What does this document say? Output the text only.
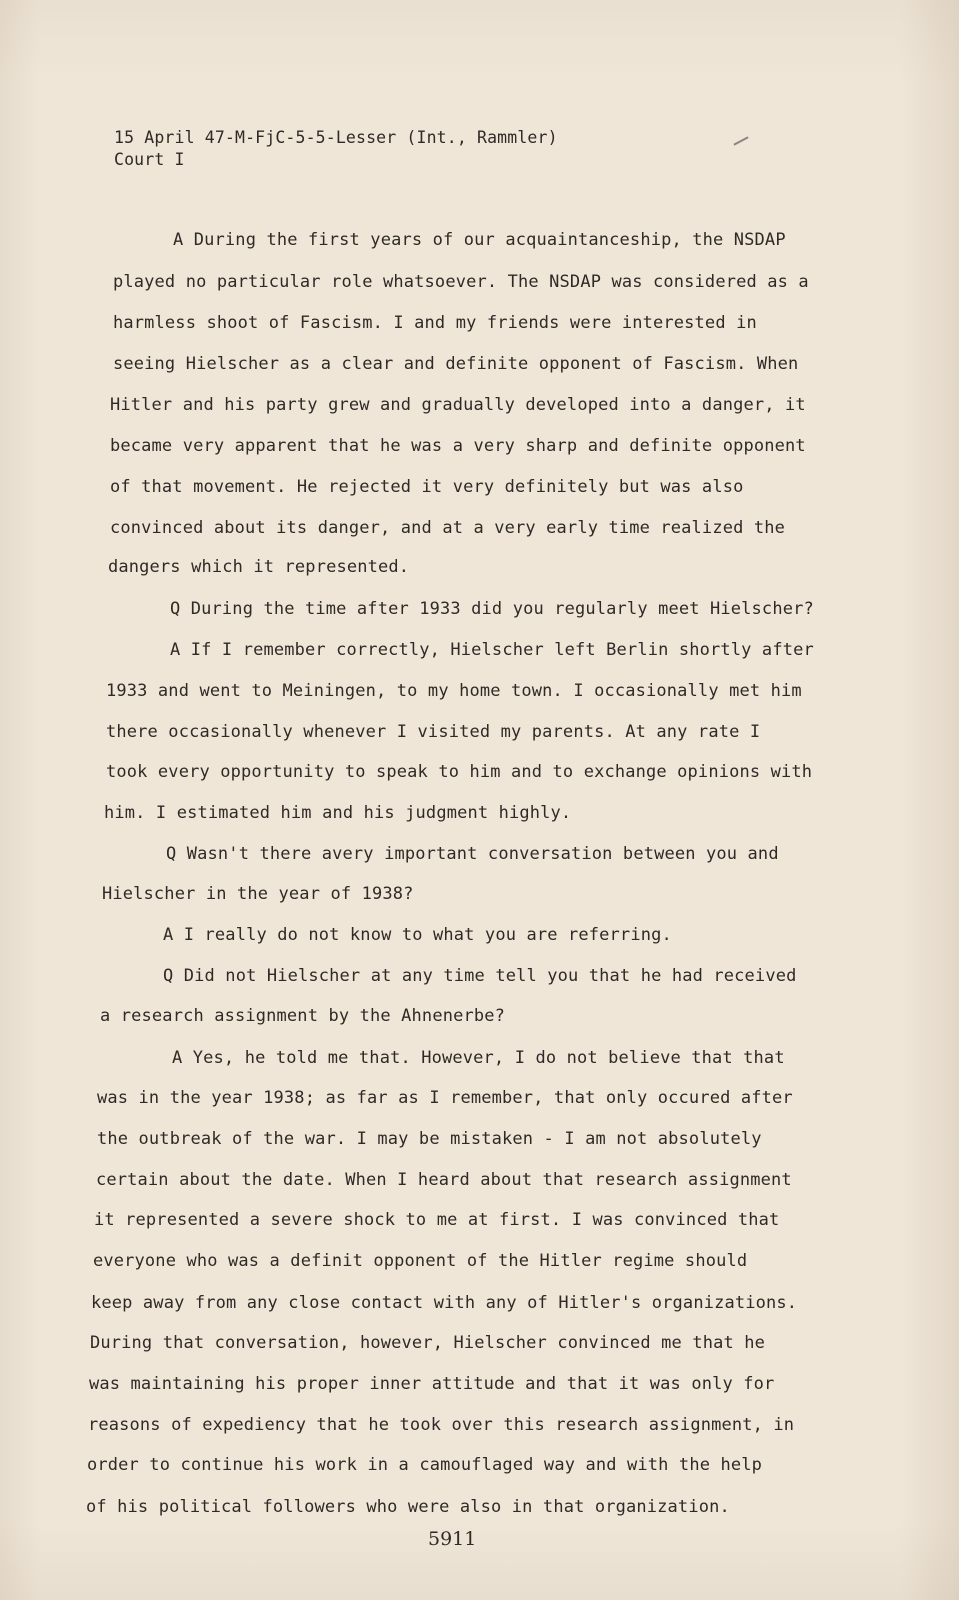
15 April 47-M-FjC-5-5-Lesser (Int., Rammler)

Court I

A During the first years of our acquaintanceship, the NSDAP

played no particular role whatsoever. The NSDAP was considered as a

harmless shoot of Fascism. I and my friends were interested in

seeing Hielscher as a clear and definite opponent of Fascism. When

Hitler and his party grew and gradually developed into a danger, it

became very apparent that he was a very sharp and definite opponent

of that movement. He rejected it very definitely but was also

convinced about its danger, and at a very early time realized the

dangers which it represented.

Q During the time after 1933 did you regularly meet Hielscher?

A If I remember correctly, Hielscher left Berlin shortly after

1933 and went to Meiningen, to my home town. I occasionally met him

there occasionally whenever I visited my parents. At any rate I

took every opportunity to speak to him and to exchange opinions with

him. I estimated him and his judgment highly.

Q Wasn't there avery important conversation between you and

Hielscher in the year of 1938?

A I really do not know to what you are referring.

Q Did not Hielscher at any time tell you that he had received

a research assignment by the Ahnenerbe?

A Yes, he told me that. However, I do not believe that that

was in the year 1938; as far as I remember, that only occured after

the outbreak of the war. I may be mistaken - I am not absolutely

certain about the date. When I heard about that research assignment

it represented a severe shock to me at first. I was convinced that

everyone who was a definit opponent of the Hitler regime should

keep away from any close contact with any of Hitler's organizations.

During that conversation, however, Hielscher convinced me that he

was maintaining his proper inner attitude and that it was only for

reasons of expediency that he took over this research assignment, in

order to continue his work in a camouflaged way and with the help

of his political followers who were also in that organization.

5911
